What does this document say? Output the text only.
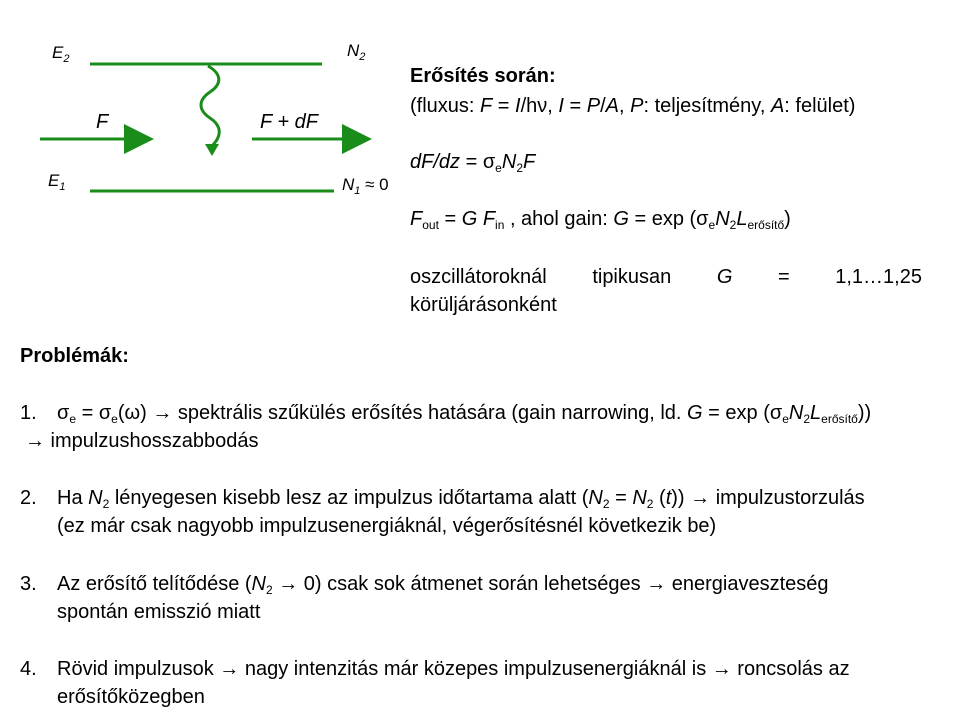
$E_2$	$N_2$
$E_1$	$N_1 \approx 0$
F	F + dF
Erősítés során:
(fluxus: F = I/hν, I = P/A, P: teljesítmény, A: felület)
$dF/dz = \sigma_eN_2F$
$F_{out} = G$ $F_{in}$ , ahol gain: $G = \exp (\sigma_eN_2L_{erősítő})$
oszcillátoroknál tipikusan G = 1,1…1,25
körüljárásonként
Problémák:
1. $\sigma_e = \sigma_e(\omega)$ → spektrális szűkülés erősítés hatására (gain narrowing, ld. $G = \exp (\sigma_eN_2L_{erősítő})$)
→ impulzushosszabbodás
2. Ha $N_2$ lényegesen kisebb lesz az impulzus időtartama alatt ($N_2 = N_2$ (t)) → impulzustorzulás
(ez már csak nagyobb impulzusenergiáknál, végerősítésnél következik be)
3. Az erősítő telítődése $(N_2 \to 0)$ csak sok átmenet során lehetséges → energiaveszteség
spontán emisszió miatt
4. Rövid impulzusok → nagy intenzitás már közepes impulzusenergiáknál is → roncsolás az
erősítőközegben
